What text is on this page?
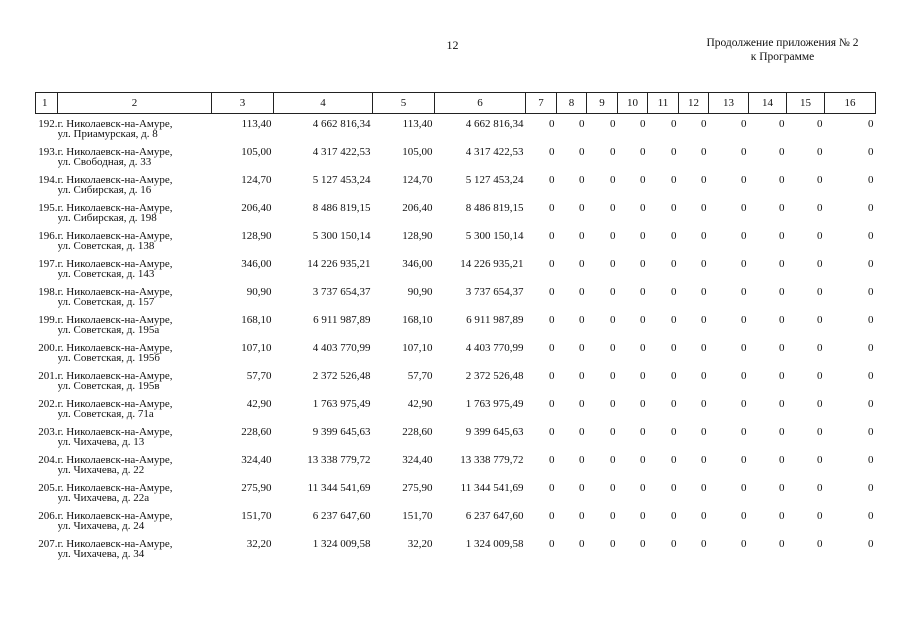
12	Продолжение приложения № 2
к Программе
1	2	3	4	5	6	7	8	9	10	11	12	13	14	15	16
192.	г. Николаевск-на-Амуре,
ул. Приамурская, д. 8	113,40	4 662 816,34	113,40	4 662 816,34	0	0	0	0	0	0	0	0	0	0
193.	г. Николаевск-на-Амуре,
ул. Свободная, д. 33	105,00	4 317 422,53	105,00	4 317 422,53	0	0	0	0	0	0	0	0	0	0
194.	г. Николаевск-на-Амуре,
ул. Сибирская, д. 16	124,70	5 127 453,24	124,70	5 127 453,24	0	0	0	0	0	0	0	0	0	0
195.	г. Николаевск-на-Амуре,
ул. Сибирская, д. 198	206,40	8 486 819,15	206,40	8 486 819,15	0	0	0	0	0	0	0	0	0	0
196.	г. Николаевск-на-Амуре,
ул. Советская, д. 138	128,90	5 300 150,14	128,90	5 300 150,14	0	0	0	0	0	0	0	0	0	0
197.	г. Николаевск-на-Амуре,
ул. Советская, д. 143	346,00	14 226 935,21	346,00	14 226 935,21	0	0	0	0	0	0	0	0	0	0
198.	г. Николаевск-на-Амуре,
ул. Советская, д. 157	90,90	3 737 654,37	90,90	3 737 654,37	0	0	0	0	0	0	0	0	0	0
199.	г. Николаевск-на-Амуре,
ул. Советская, д. 195а	168,10	6 911 987,89	168,10	6 911 987,89	0	0	0	0	0	0	0	0	0	0
200.	г. Николаевск-на-Амуре,
ул. Советская, д. 195б	107,10	4 403 770,99	107,10	4 403 770,99	0	0	0	0	0	0	0	0	0	0
201.	г. Николаевск-на-Амуре,
ул. Советская, д. 195в	57,70	2 372 526,48	57,70	2 372 526,48	0	0	0	0	0	0	0	0	0	0
202.	г. Николаевск-на-Амуре,
ул. Советская, д. 71а	42,90	1 763 975,49	42,90	1 763 975,49	0	0	0	0	0	0	0	0	0	0
203.	г. Николаевск-на-Амуре,
ул. Чихачева, д. 13	228,60	9 399 645,63	228,60	9 399 645,63	0	0	0	0	0	0	0	0	0	0
204.	г. Николаевск-на-Амуре,
ул. Чихачева, д. 22	324,40	13 338 779,72	324,40	13 338 779,72	0	0	0	0	0	0	0	0	0	0
205.	г. Николаевск-на-Амуре,
ул. Чихачева, д. 22а	275,90	11 344 541,69	275,90	11 344 541,69	0	0	0	0	0	0	0	0	0	0
206.	г. Николаевск-на-Амуре,
ул. Чихачева, д. 24	151,70	6 237 647,60	151,70	6 237 647,60	0	0	0	0	0	0	0	0	0	0
207.	г. Николаевск-на-Амуре,
ул. Чихачева, д. 34	32,20	1 324 009,58	32,20	1 324 009,58	0	0	0	0	0	0	0	0	0	0
